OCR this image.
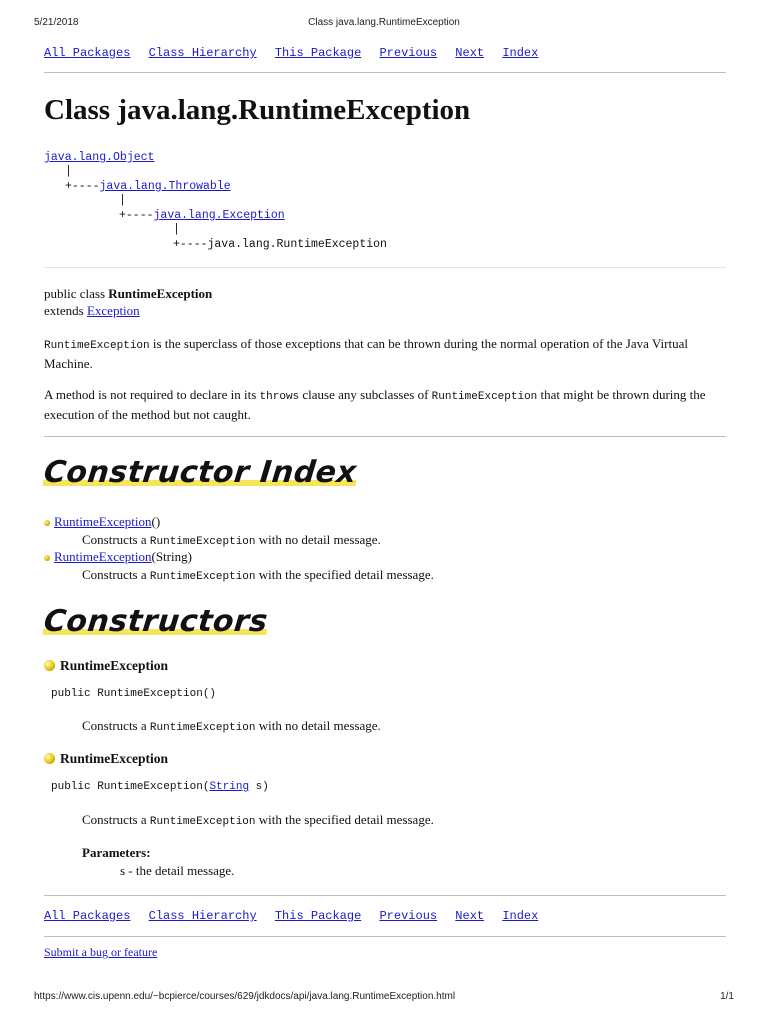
5/21/2018	Class java.lang.RuntimeException
All Packages Class Hierarchy This Package Previous Next Index
Class java.lang.RuntimeException
java.lang.Object
|
+----java.lang.Throwable
|
+----java.lang.Exception
|
+----java.lang.RuntimeException
public class RuntimeException
extends Exception
RuntimeException is the superclass of those exceptions that can be thrown during the normal operation of the Java Virtual Machine.
A method is not required to declare in its throws clause any subclasses of RuntimeException that might be thrown during the execution of the method but not caught.
Constructor Index
RuntimeException()
Constructs a RuntimeException with no detail message.
RuntimeException(String)
Constructs a RuntimeException with the specified detail message.
Constructors
RuntimeException
public RuntimeException()
Constructs a RuntimeException with no detail message.
RuntimeException
public RuntimeException(String s)
Constructs a RuntimeException with the specified detail message.
Parameters:
s - the detail message.
All Packages Class Hierarchy This Package Previous Next Index
Submit a bug or feature
https://www.cis.upenn.edu/~bcpierce/courses/629/jdkdocs/api/java.lang.RuntimeException.html	1/1
